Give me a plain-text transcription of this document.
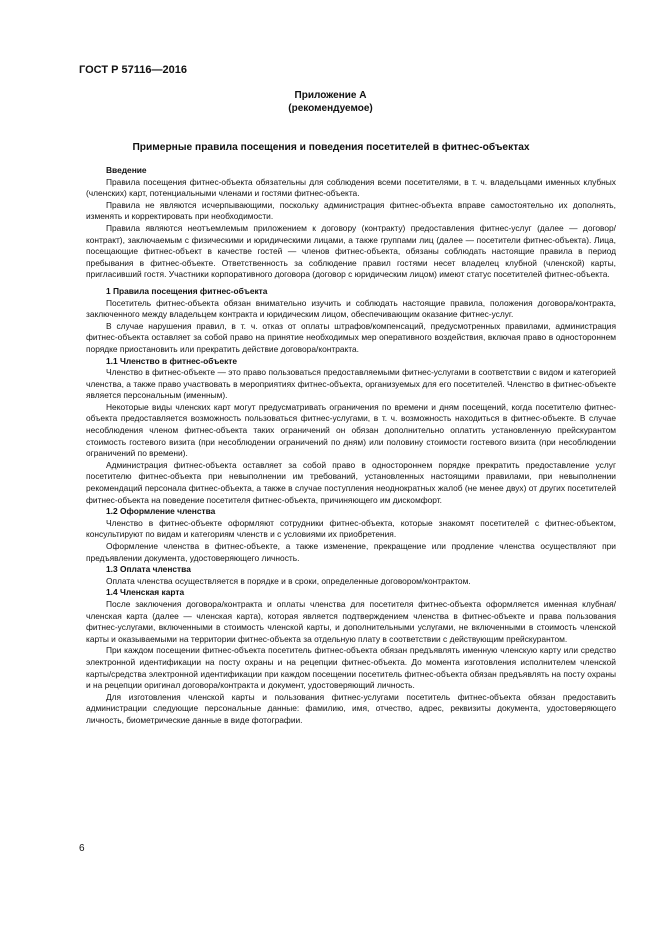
ГОСТ Р 57116—2016
Приложение А
(рекомендуемое)
Примерные правила посещения и поведения посетителей в фитнес-объектах

Введение

Правила посещения фитнес-объекта обязательны для соблюдения всеми посетителями, в т. ч. владельцами именных клубных (членских) карт, потенциальными членами и гостями фитнес-объекта.

Правила не являются исчерпывающими, поскольку администрация фитнес-объекта вправе самостоятельно их дополнять, изменять и корректировать при необходимости.

Правила являются неотъемлемым приложением к договору (контракту) предоставления фитнес-услуг (далее — договор/контракт), заключаемым с физическими и юридическими лицами, а также группами лиц (далее — посетители фитнес-объекта). Лица, посещающие фитнес-объект в качестве гостей — членов фитнес-объекта, обязаны соблюдать настоящие правила в период пребывания в фитнес-объекте. Ответственность за соблюдение правил гостями несет владелец клубной (членской) карты, пригласивший гостя. Участники корпоративного договора (договор с юридическим лицом) имеют статус посетителей фитнес-объекта.

1 Правила посещения фитнес-объекта

Посетитель фитнес-объекта обязан внимательно изучить и соблюдать настоящие правила, положения договора/контракта, заключенного между владельцем контракта и юридическим лицом, обеспечивающим оказание фитнес-услуг.

В случае нарушения правил, в т. ч. отказ от оплаты штрафов/компенсаций, предусмотренных правилами, администрация фитнес-объекта оставляет за собой право на принятие необходимых мер оперативного воздействия, включая право в одностороннем порядке приостановить или прекратить действие договора/контракта.

1.1 Членство в фитнес-объекте

Членство в фитнес-объекте — это право пользоваться предоставляемыми фитнес-услугами в соответствии с видом и категорией членства, а также право участвовать в мероприятиях фитнес-объекта, организуемых для его посетителей. Членство в фитнес-объекте является персональным (именным).

Некоторые виды членских карт могут предусматривать ограничения по времени и дням посещений, когда посетителю фитнес-объекта предоставляется возможность пользоваться фитнес-услугами, в т. ч. возможность находиться в фитнес-объекте. В случае несоблюдения членом фитнес-объекта таких ограничений он обязан дополнительно оплатить установленную прейскурантом стоимость гостевого визита (при несоблюдении ограничений по дням) или половину стоимости гостевого визита (при несоблюдении ограничений по времени).

Администрация фитнес-объекта оставляет за собой право в одностороннем порядке прекратить предоставление услуг посетителю фитнес-объекта при невыполнении им требований, установленных настоящими правилами, при невыполнении рекомендаций персонала фитнес-объекта, а также в случае поступления неоднократных жалоб (не менее двух) от других посетителей фитнес-объекта на поведение посетителя фитнес-объекта, причиняющего им дискомфорт.

1.2 Оформление членства

Членство в фитнес-объекте оформляют сотрудники фитнес-объекта, которые знакомят посетителей с фитнес-объектом, консультируют по видам и категориям членств и с условиями их приобретения.

Оформление членства в фитнес-объекте, а также изменение, прекращение или продление членства осуществляют при предъявлении документа, удостоверяющего личность.

1.3 Оплата членства

Оплата членства осуществляется в порядке и в сроки, определенные договором/контрактом.

1.4 Членская карта

После заключения договора/контракта и оплаты членства для посетителя фитнес-объекта оформляется именная клубная/членская карта (далее — членская карта), которая является подтверждением членства в фитнес-объекте и права пользования фитнес-услугами, включенными в стоимость членской карты, и дополнительными услугами, не включенными в стоимость членской карты и оказываемыми на территории фитнес-объекта за отдельную плату в соответствии с действующим прейскурантом.

При каждом посещении фитнес-объекта посетитель фитнес-объекта обязан предъявлять именную членскую карту или средство электронной идентификации на посту охраны и на рецепции фитнес-объекта. До момента изготовления исполнителем членской карты/средства электронной идентификации при каждом посещении посетитель фитнес-объекта обязан предъявлять на посту охраны и на рецепции оригинал договора/контракта и документ, удостоверяющий личность.

Для изготовления членской карты и пользования фитнес-услугами посетитель фитнес-объекта обязан предоставить администрации следующие персональные данные: фамилию, имя, отчество, адрес, реквизиты документа, удостоверяющего личность, биометрические данные в виде фотографии.

6
